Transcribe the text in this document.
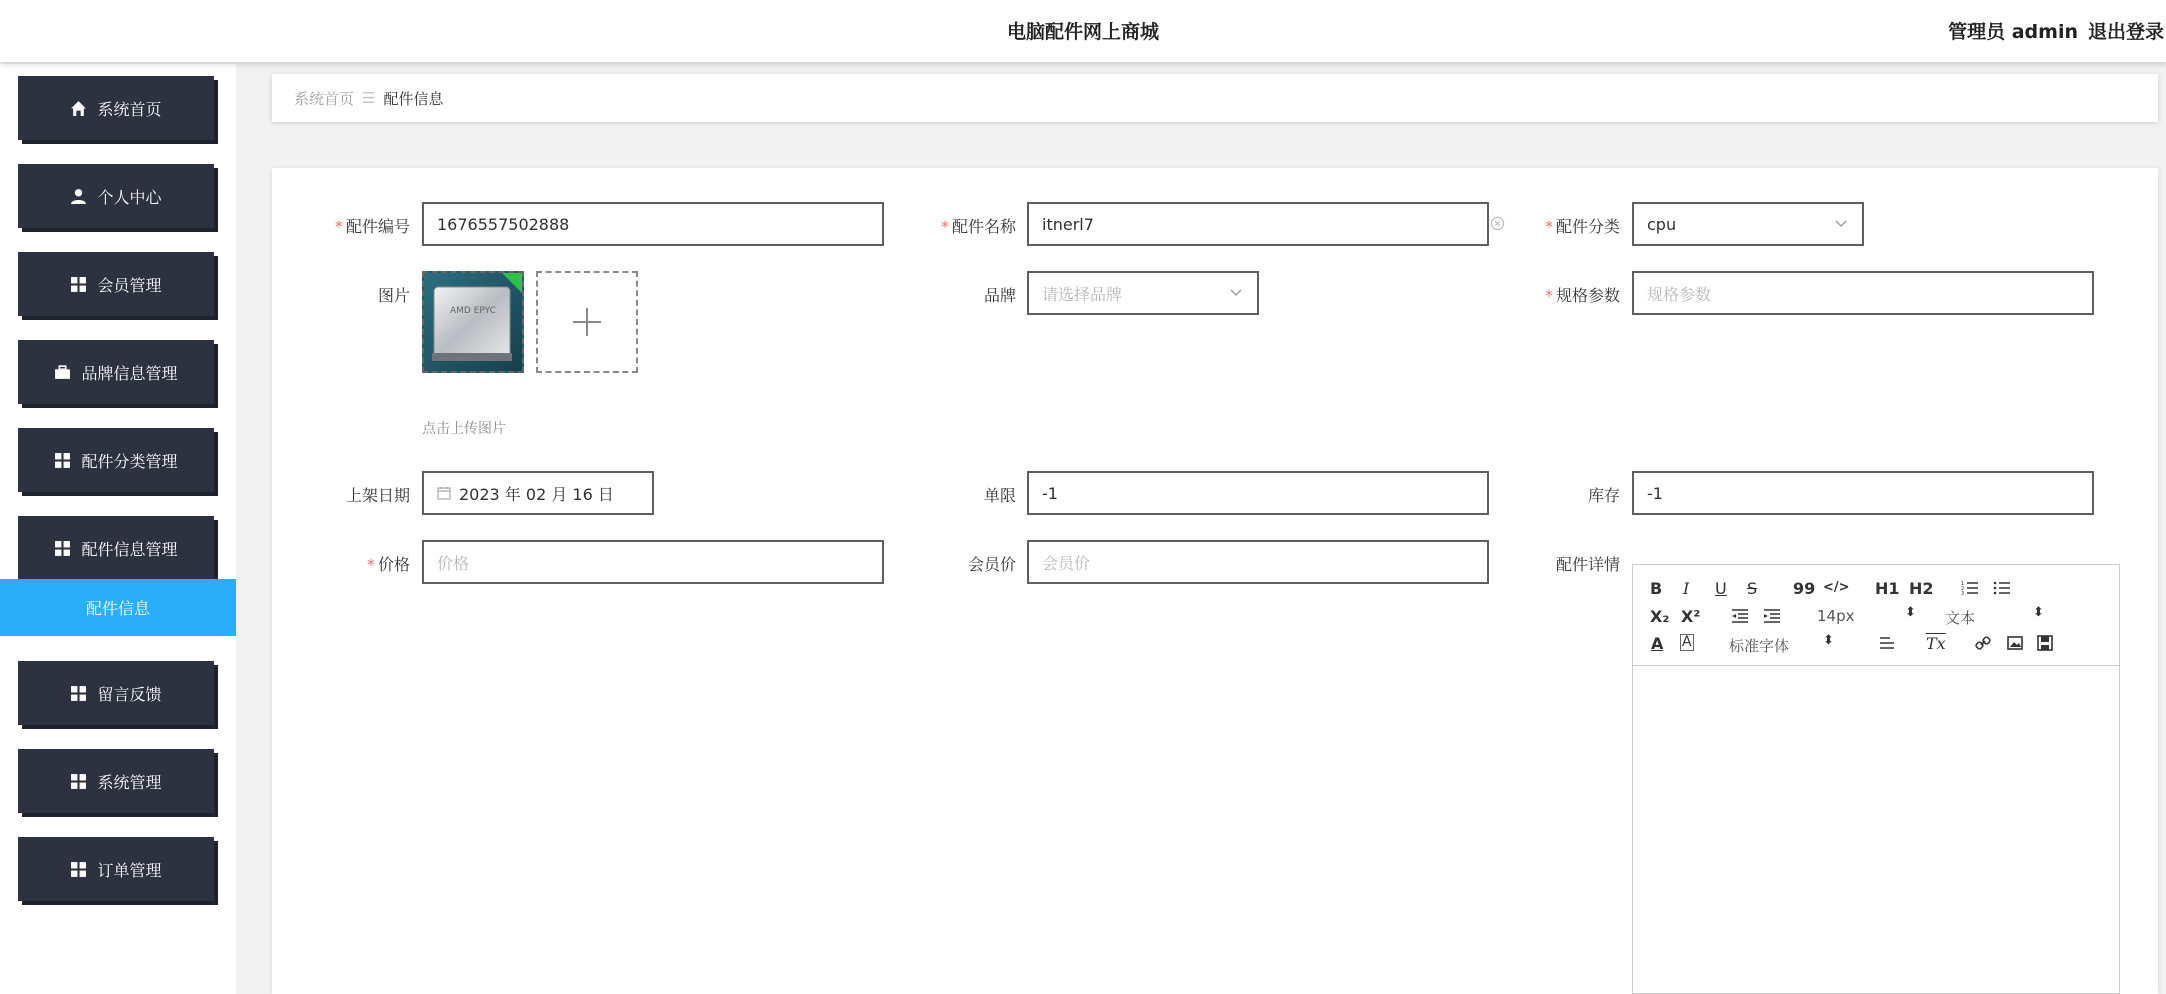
电脑配件网上商城	管理员 admin 退出登录
系统首页
个人中心
会员管理
品牌信息管理
配件分类管理
配件信息管理
配件信息
留言反馈
系统管理
订单管理
系统首页 ☰ 配件信息
* 配件编号	1676557502888	* 配件名称	itnerl7	* 配件分类 cpu
图片
AMD EPYC
点击上传图片
品牌 请选择品牌	* 规格参数	规格参数
上架日期	2023 年 02 月 16 日	单限	-1	库存	-1
* 价格	价格	会员价	会员价	配件详情
B I U S 99 </> H1 H2	1
2
3
X₂ X²	14px	⬍ 文本	⬍
A A 标准字体	⬍	$\overline{Tx}$
